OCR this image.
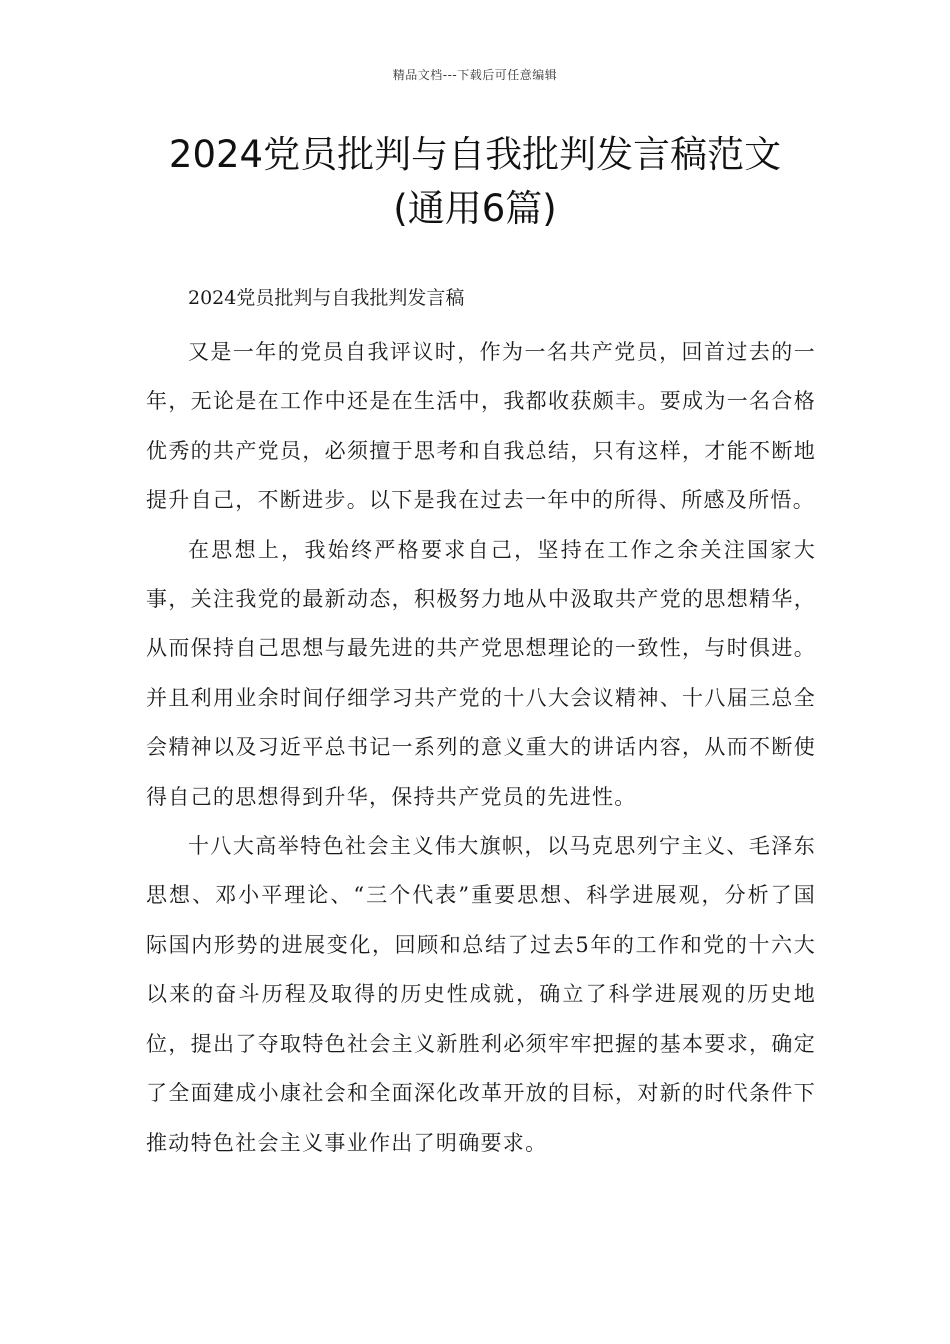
精品文档---下载后可任意编辑
2024党员批判与自我批判发言稿范文
(通用6篇)
2024党员批判与自我批判发言稿

又是一年的党员自我评议时，作为一名共产党员，回首过去的一年，无论是在工作中还是在生活中，我都收获颇丰。要成为一名合格优秀的共产党员，必须擅于思考和自我总结，只有这样，才能不断地提升自己，不断进步。以下是我在过去一年中的所得、所感及所悟。

在思想上，我始终严格要求自己，坚持在工作之余关注国家大事，关注我党的最新动态，积极努力地从中汲取共产党的思想精华，从而保持自己思想与最先进的共产党思想理论的一致性，与时俱进。并且利用业余时间仔细学习共产党的十八大会议精神、十八届三总全会精神以及习近平总书记一系列的意义重大的讲话内容，从而不断使得自己的思想得到升华，保持共产党员的先进性。

十八大高举特色社会主义伟大旗帜，以马克思列宁主义、毛泽东思想、邓小平理论、“三个代表”重要思想、科学进展观，分析了国际国内形势的进展变化，回顾和总结了过去5年的工作和党的十六大以来的奋斗历程及取得的历史性成就，确立了科学进展观的历史地位，提出了夺取特色社会主义新胜利必须牢牢把握的基本要求，确定了全面建成小康社会和全面深化改革开放的目标，对新的时代条件下推动特色社会主义事业作出了明确要求。
